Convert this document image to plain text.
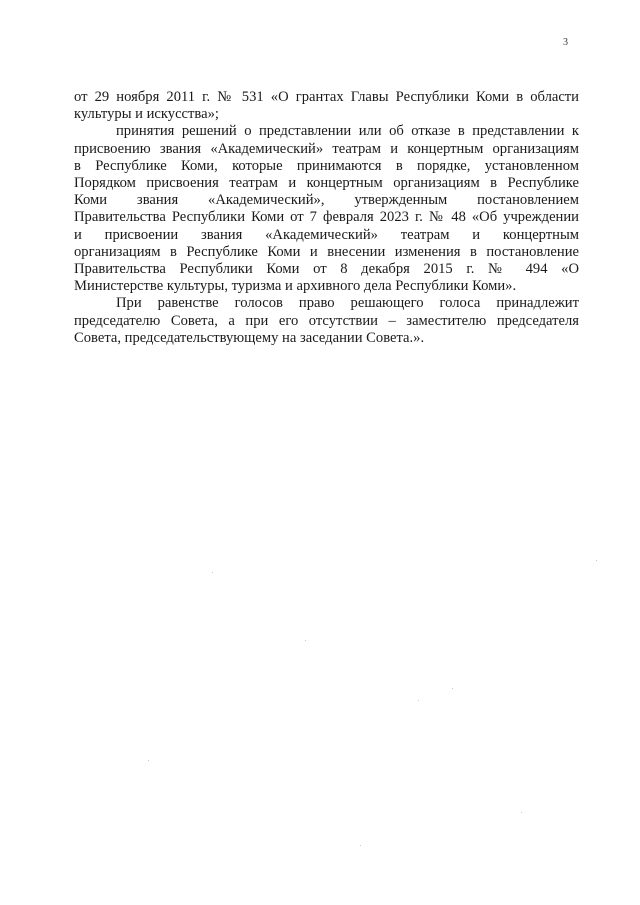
3
от 29 ноября 2011 г. № 531 «О грантах Главы Республики Коми в области
культуры и искусства»;
принятия решений о представлении или об отказе в представлении к
присвоению звания «Академический» театрам и концертным организациям
в Республике Коми, которые принимаются в порядке, установленном
Порядком присвоения театрам и концертным организациям в Республике
Коми звания «Академический», утвержденным постановлением
Правительства Республики Коми от 7 февраля 2023 г. № 48 «Об учреждении
и присвоении звания «Академический» театрам и концертным
организациям в Республике Коми и внесении изменения в постановление
Правительства Республики Коми от 8 декабря 2015 г. № 494 «О
Министерстве культуры, туризма и архивного дела Республики Коми».
При равенстве голосов право решающего голоса принадлежит
председателю Совета, а при его отсутствии – заместителю председателя
Совета, председательствующему на заседании Совета.».
